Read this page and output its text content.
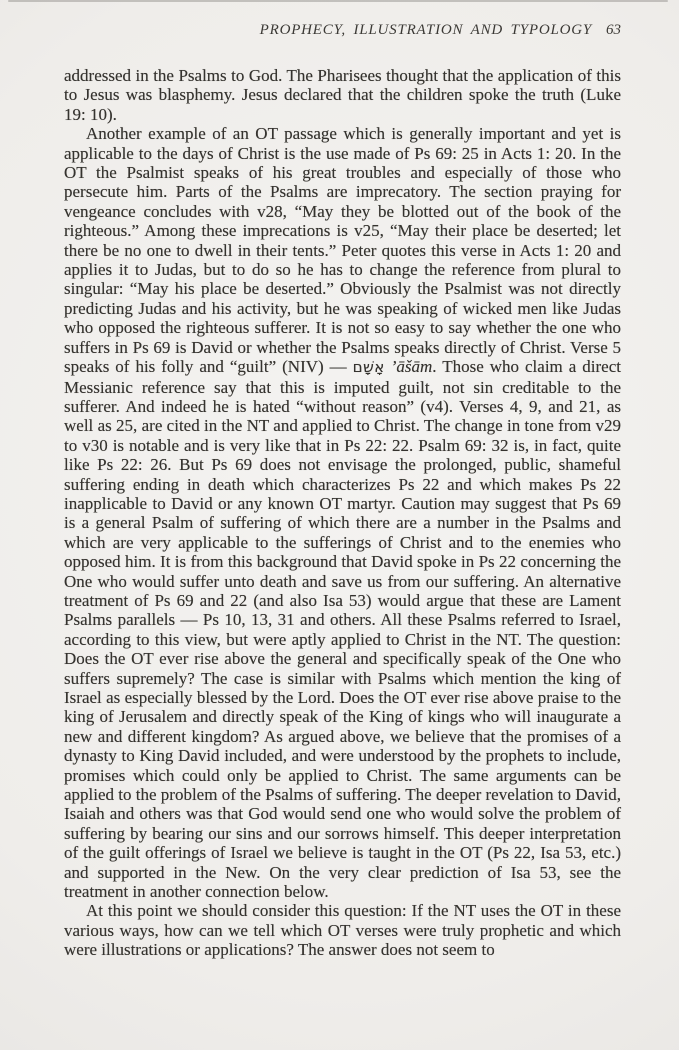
PROPHECY, ILLUSTRATION AND TYPOLOGY 63

addressed in the Psalms to God. The Pharisees thought that the application of this to Jesus was blasphemy. Jesus declared that the children spoke the truth (Luke 19: 10).

Another example of an OT passage which is generally important and yet is applicable to the days of Christ is the use made of Ps 69: 25 in Acts 1: 20. In the OT the Psalmist speaks of his great troubles and especially of those who persecute him. Parts of the Psalms are imprecatory. The section praying for vengeance concludes with v28, “May they be blotted out of the book of the righteous.” Among these imprecations is v25, “May their place be deserted; let there be no one to dwell in their tents.” Peter quotes this verse in Acts 1: 20 and applies it to Judas, but to do so he has to change the reference from plural to singular: “May his place be deserted.” Obviously the Psalmist was not directly predicting Judas and his activity, but he was speaking of wicked men like Judas who opposed the righteous sufferer. It is not so easy to say whether the one who suffers in Ps 69 is David or whether the Psalms speaks directly of Christ. Verse 5 speaks of his folly and “guilt” (NIV) — אָשָׁם ’āšām. Those who claim a direct Messianic reference say that this is imputed guilt, not sin creditable to the sufferer. And indeed he is hated “without reason” (v4). Verses 4, 9, and 21, as well as 25, are cited in the NT and applied to Christ. The change in tone from v29 to v30 is notable and is very like that in Ps 22: 22. Psalm 69: 32 is, in fact, quite like Ps 22: 26. But Ps 69 does not envisage the prolonged, public, shameful suffering ending in death which characterizes Ps 22 and which makes Ps 22 inapplicable to David or any known OT martyr. Caution may suggest that Ps 69 is a general Psalm of suffering of which there are a number in the Psalms and which are very applicable to the sufferings of Christ and to the enemies who opposed him. It is from this background that David spoke in Ps 22 concerning the One who would suffer unto death and save us from our suffering. An alternative treatment of Ps 69 and 22 (and also Isa 53) would argue that these are Lament Psalms parallels — Ps 10, 13, 31 and others. All these Psalms referred to Israel, according to this view, but were aptly applied to Christ in the NT. The question: Does the OT ever rise above the general and specifically speak of the One who suffers supremely? The case is similar with Psalms which mention the king of Israel as especially blessed by the Lord. Does the OT ever rise above praise to the king of Jerusalem and directly speak of the King of kings who will inaugurate a new and different kingdom? As argued above, we believe that the promises of a dynasty to King David included, and were understood by the prophets to include, promises which could only be applied to Christ. The same arguments can be applied to the problem of the Psalms of suffering. The deeper revelation to David, Isaiah and others was that God would send one who would solve the problem of suffering by bearing our sins and our sorrows himself. This deeper interpretation of the guilt offerings of Israel we believe is taught in the OT (Ps 22, Isa 53, etc.) and supported in the New. On the very clear prediction of Isa 53, see the treatment in another connection below.

At this point we should consider this question: If the NT uses the OT in these various ways, how can we tell which OT verses were truly prophetic and which were illustrations or applications? The answer does not seem to
